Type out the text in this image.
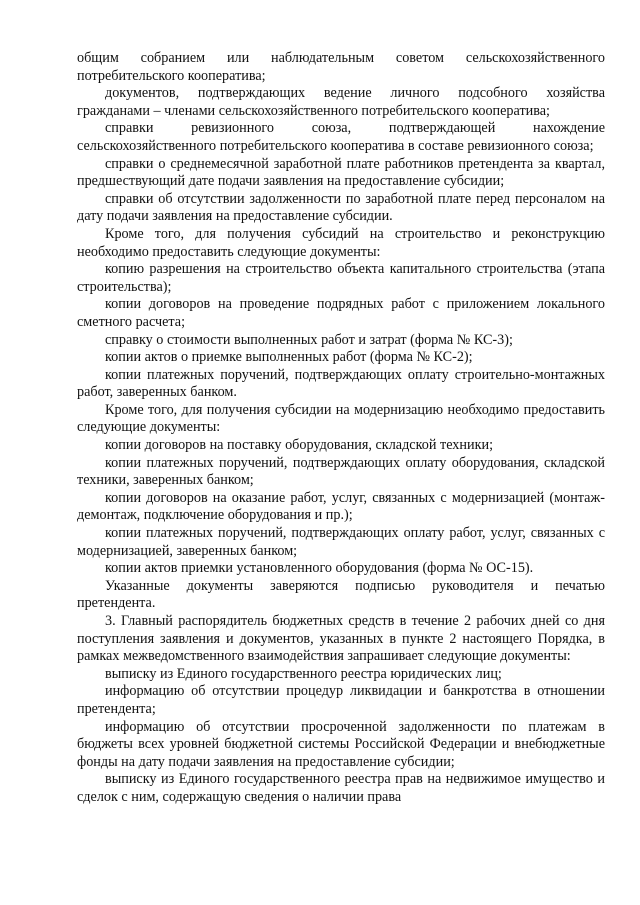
общим собранием или наблюдательным советом сельскохозяйственного потребительского кооператива;

документов, подтверждающих ведение личного подсобного хозяйства гражданами – членами сельскохозяйственного потребительского кооператива;

справки ревизионного союза, подтверждающей нахождение сельскохозяйственного потребительского кооператива в составе ревизионного союза;

справки о среднемесячной заработной плате работников претендента за квартал, предшествующий дате подачи заявления на предоставление субсидии;

справки об отсутствии задолженности по заработной плате перед персоналом на дату подачи заявления на предоставление субсидии.

Кроме того, для получения субсидий на строительство и реконструкцию необходимо предоставить следующие документы:

копию разрешения на строительство объекта капитального строительства (этапа строительства);

копии договоров на проведение подрядных работ с приложением локального сметного расчета;

справку о стоимости выполненных работ и затрат (форма № КС-3);

копии актов о приемке выполненных работ (форма № КС-2);

копии платежных поручений, подтверждающих оплату строительно-монтажных работ, заверенных банком.

Кроме того, для получения субсидии на модернизацию необходимо предоставить следующие документы:

копии договоров на поставку оборудования, складской техники;

копии платежных поручений, подтверждающих оплату оборудования, складской техники, заверенных банком;

копии договоров на оказание работ, услуг, связанных с модернизацией (монтаж-демонтаж, подключение оборудования и пр.);

копии платежных поручений, подтверждающих оплату работ, услуг, связанных с модернизацией, заверенных банком;

копии актов приемки установленного оборудования (форма № ОС-15).

Указанные документы заверяются подписью руководителя и печатью претендента.

3. Главный распорядитель бюджетных средств в течение 2 рабочих дней со дня поступления заявления и документов, указанных в пункте 2 настоящего Порядка, в рамках межведомственного взаимодействия запрашивает следующие документы:

выписку из Единого государственного реестра юридических лиц;

информацию об отсутствии процедур ликвидации и банкротства в отношении претендента;

информацию об отсутствии просроченной задолженности по платежам в бюджеты всех уровней бюджетной системы Российской Федерации и внебюджетные фонды на дату подачи заявления на предоставление субсидии;

выписку из Единого государственного реестра прав на недвижимое имущество и сделок с ним, содержащую сведения о наличии права
